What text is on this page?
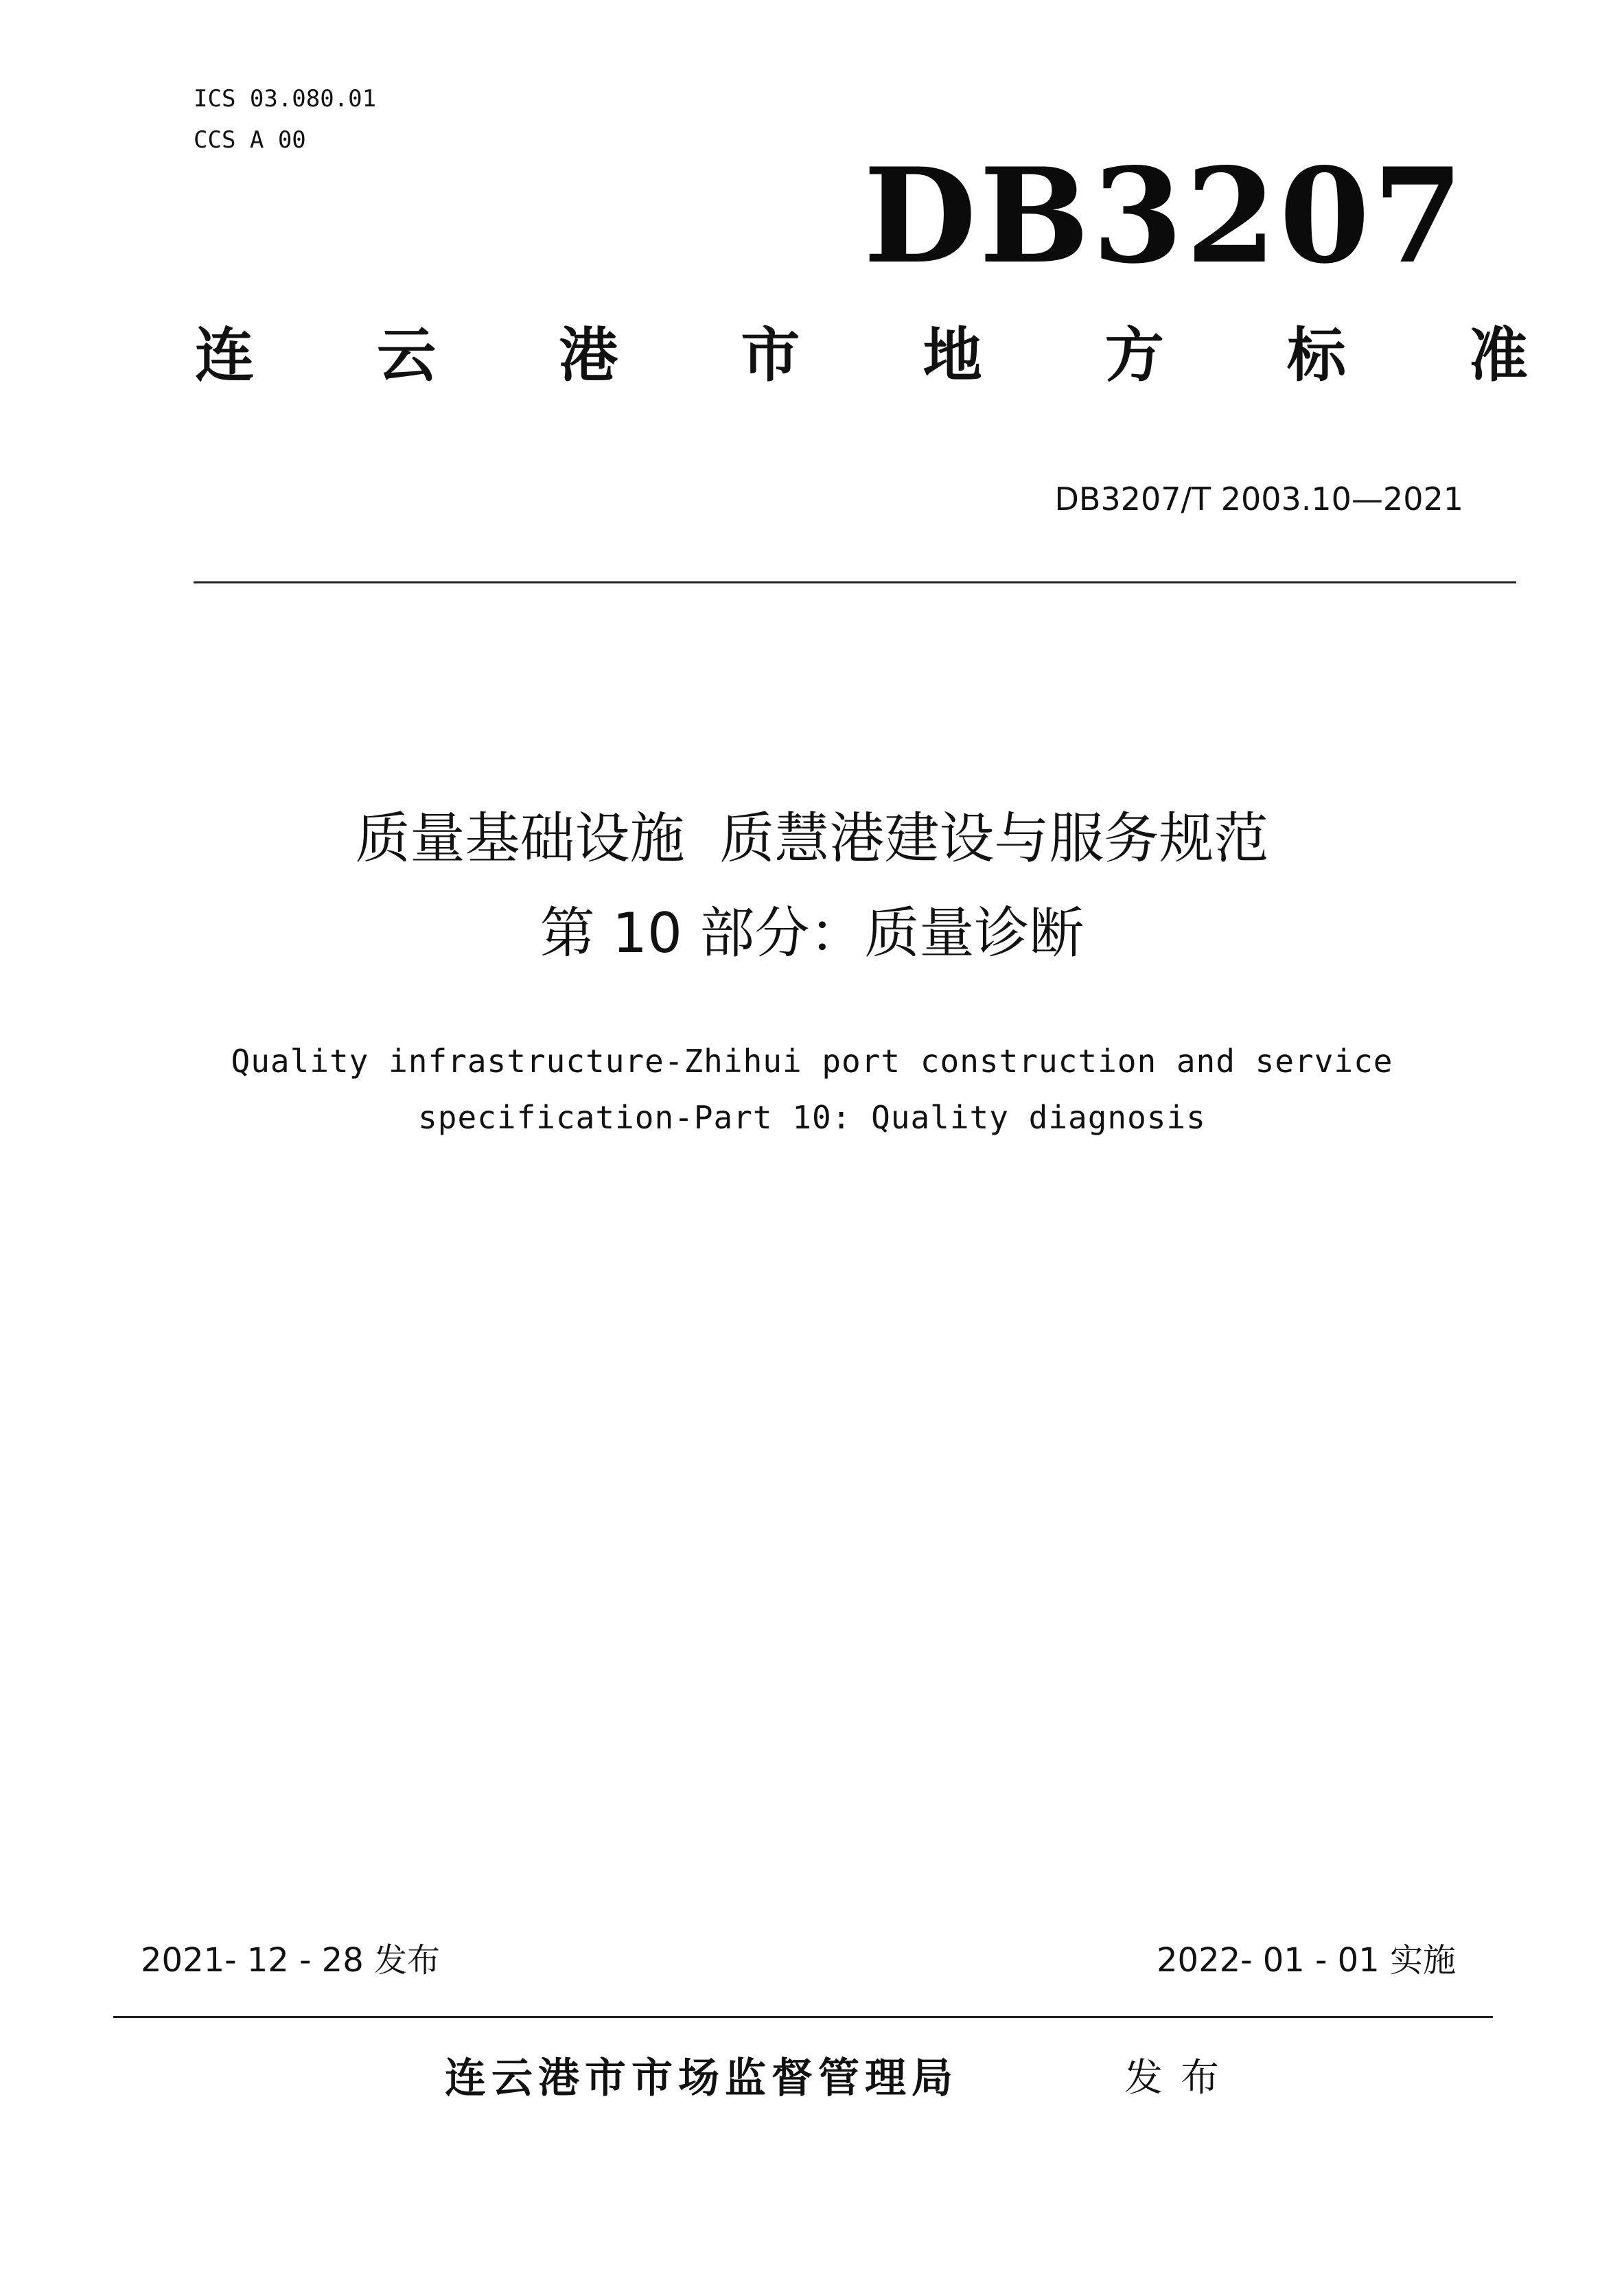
ICS 03.080.01
CCS A 00	DB3207
连 云 港 市 地 方 标 准
DB3207/T 2003.10—2021
质量基础设施  质慧港建设与服务规范
第 10 部分：质量诊断
Quality infrastructure-Zhihui port construction and service
specification-Part 10: Quality diagnosis
2021- 12 - 28 发布	2022- 01 - 01 实施
连云港市市场监督管理局	发布
